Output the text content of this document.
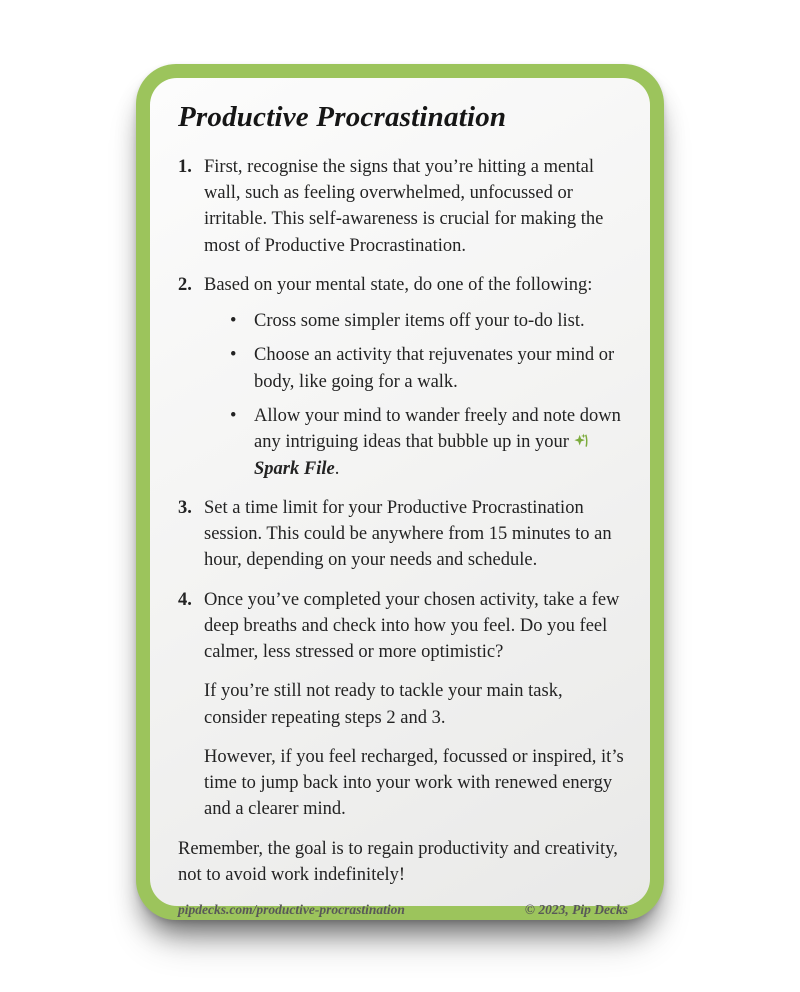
Productive Procrastination
1. First, recognise the signs that you’re hitting a mental wall, such as feeling overwhelmed, unfocussed or irritable. This self-awareness is crucial for making the most of Productive Procrastination.
2. Based on your mental state, do one of the following:
• Cross some simpler items off your to-do list.
• Choose an activity that rejuvenates your mind or body, like going for a walk.
• Allow your mind to wander freely and note down any intriguing ideas that bubble up in your Spark File.
3. Set a time limit for your Productive Procrastination session. This could be anywhere from 15 minutes to an hour, depending on your needs and schedule.
4. Once you’ve completed your chosen activity, take a few deep breaths and check into how you feel. Do you feel calmer, less stressed or more optimistic?
If you’re still not ready to tackle your main task, consider repeating steps 2 and 3.
However, if you feel recharged, focussed or inspired, it’s time to jump back into your work with renewed energy and a clearer mind.
Remember, the goal is to regain productivity and creativity, not to avoid work indefinitely!
pipdecks.com/productive-procrastination	© 2023, Pip Decks
